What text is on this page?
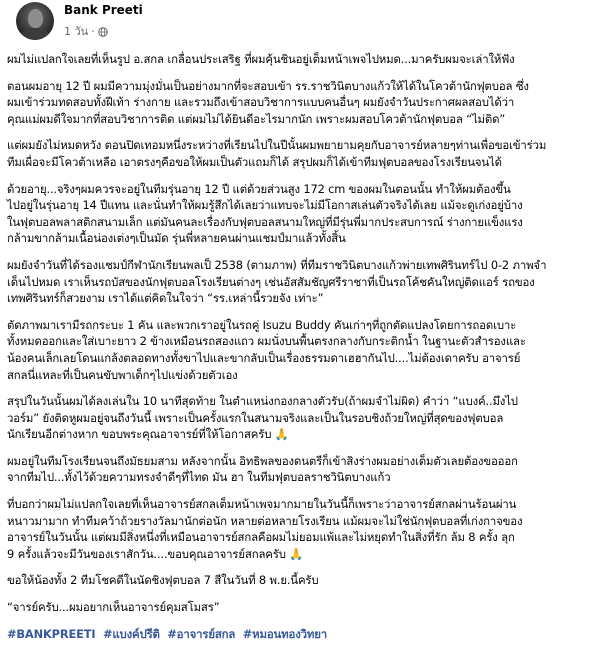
Bank Preeti
1 วัน ·

ผมไม่แปลกใจเลยที่เห็นรูป อ.สกล เกลื่อนประเสริฐ ที่ผมคุ้นชินอยู่เต็มหน้าเพจไปหมด...มาครับผมจะเล่าให้ฟัง

ตอนผมอายุ 12 ปี ผมมีความมุ่งมั่นเป็นอย่างมากที่จะสอบเข้า รร.ราชวินิตบางแก้วให้ได้ในโควต้านักฟุตบอล ซึ่ง
ผมเข้าร่วมทดสอบทั้งฝีเท้า ร่างกาย และรวมถึงเข้าสอบวิชาการแบบคนอื่นๆ ผมยังจำวันประกาศผลสอบได้ว่า
คุณแม่ผมดีใจมากที่สอบวิชาการติด แต่ผมไม่ได้ยินดีอะไรมากนัก เพราะผมสอบโควต้านักฟุตบอล “ไม่ติด”

แต่ผมยังไม่หมดหวัง ตอนปิดเทอมหนึ่งระหว่างที่เรียนไปในปีนั้นผมพยายามคุยกับอาจารย์หลายๆท่านเพื่อขอเข้าร่วม
ทีมเผื่อจะมีโควต้าเหลือ เอาตรงๆคือขอให้ผมเป็นตัวแถมก็ได้ สรุปผมก็ได้เข้าทีมฟุตบอลของโรงเรียนจนได้

ด้วยอายุ...จริงๆผมควรจะอยู่ในทีมรุ่นอายุ 12 ปี แต่ด้วยส่วนสูง 172 cm ของผมในตอนนั้น ทำให้ผมต้องขึ้น
ไปอยู่ในรุ่นอายุ 14 ปีแทน และนั่นทำให้ผมรู้สึกได้เลยว่าแทบจะไม่มีโอกาสเล่นตัวจริงได้เลย แม้จะดูเก่งอยู่บ้าง
ในฟุตบอลพลาสติกสนามเล็ก แต่มันคนละเรื่องกับฟุตบอลสนามใหญ่ที่มีรุ่นพี่มากประสบการณ์ ร่างกายแข็งแรง
กล้ามขากล้ามเนื้อน่องเต่งๆเป็นมัด รุ่นพี่หลายคนผ่านแชมป์มาแล้วทั้งสิ้น

ผมยังจำวันที่ได้รองแชมป์กีฬานักเรียนพลเป็ 2538 (ตามภาพ) ที่ทีมราชวินิตบางแก้วพ่ายเทพศิรินทร์ไป 0-2 ภาพจำ
เด็นไปหมด เราเห็นรถบัสของนักฟุตบอลโรงเรียนต่างๆ เช่นอัสสัมชัญศรีราชาที่เป็นรถโค้ชคันใหญ่ติดแอร์ รถของ
เทพศิรินทร์ก็สวยงาม เราได้แต่คิดในใจว่า “รร.เหล่านี้รวยจัง เท่าะ”

ตัดภาพมาเรามีรถกระบะ 1 คัน และพวกเราอยู่ในรถคู่ Isuzu Buddy คันเก่าๆที่ถูกตัดแปลงโดยการถอดเบาะ
ทั้งหมดออกและใส่เบาะยาว 2 ข้างเหมือนรถสองแถว ผมนั่งบนพื้นตรงกลางกับกระติกน้ำ ในฐานะตัวสำรองและ
น้องคนเล็กเลยโดนแกล้งตลอดทางทั้งขาไปและขากลับเป็นเรื่องธรรมดาเฮฮากันไป....ไม่ต้องเดาครับ อาจารย์
สกลนี่แหละที่เป็นคนขับพาเด็กๆไปแข่งด้วยตัวเอง

สรุปในวันนั้นผมได้ลงเล่นใน 10 นาทีสุดท้าย ในตำแหน่งกองกลางตัวรับ(ถ้าผมจำไม่ผิด) คำว่า “แบงค์..มึงไป
วอร์ม” ยังติดหูผมอยู่จนถึงวันนี้ เพราะเป็นครั้งแรกในสนามจริงและเป็นในรอบชิงถ้วยใหญ่ที่สุดของฟุตบอล
นักเรียนอีกต่างหาก ขอบพระคุณอาจารย์ที่ให้โอกาสครับ 🙏

ผมอยู่ในทีมโรงเรียนจนถึงมัธยมสาม หลังจากนั้น อิทธิพลของดนตรีก็เข้าสิงร่างผมอย่างเต็มตัวเลยต้องขอออก
จากทีมไป...ทั้งไว้ด้วยความทรงจำดีๆที่ไทด มัน ฮา ในทีมฟุตบอลราชวินิตบางแก้ว

ที่บอกว่าผมไม่แปลกใจเลยที่เห็นอาจารย์สกลเต็มหน้าเพจมากมายในวันนี้ก็เพราะว่าอาจารย์สกลผ่านร้อนผ่าน
หนาวมามาก ทำทีมคว้าถ้วยรางวัลมานักต่อนัก หลายต่อหลายโรงเรียน แม้ผมจะไม่ใช่นักฟุตบอลที่เก่งกาจของ
อาจารย์ในวันนั้น แต่ผมมีสิ่งหนึ่งที่เหมือนอาจารย์สกลคือผมไม่ยอมแพ้และไม่หยุดทำในสิ่งที่รัก ล้ม 8 ครั้ง ลุก
9 ครั้งแล้วจะมีวันของเราสักวัน....ขอบคุณอาจารย์สกลครับ 🙏

ขอให้น้องทั้ง 2 ทีมโชคดีในนัดชิงฟุตบอล 7 สีในวันที่ 8 พ.ย.นี้ครับ

“จารย์ครับ...ผมอยากเห็นอาจารย์คุมสโมสร”

#BANKPREETI #แบงค์ปรีติ #อาจารย์สกล #หมอนทองวิทยา
